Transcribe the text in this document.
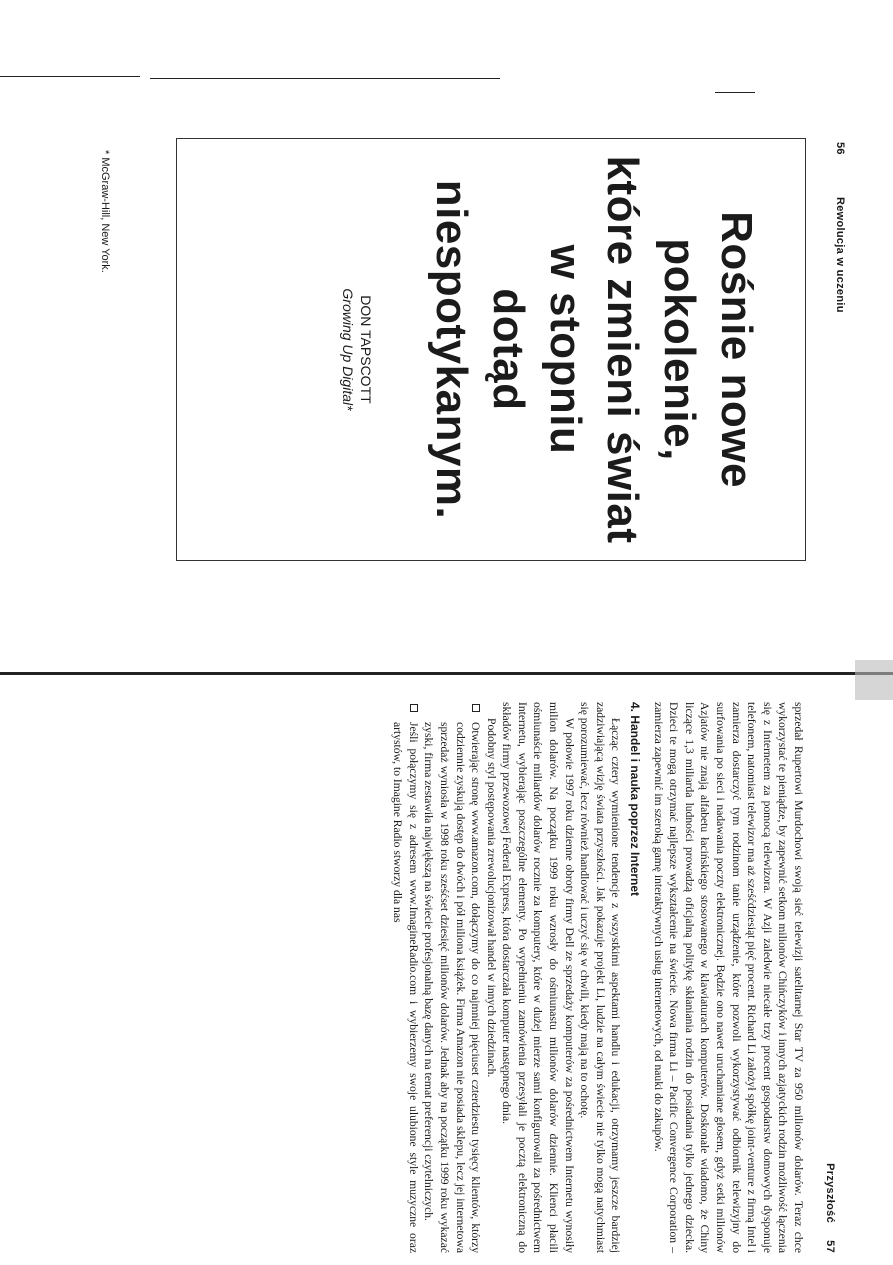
56
Rewolucja w uczeniu
Rośnie nowe
pokolenie,
które zmieni świat
w stopniu
dotąd
niespotykanym.
DON TAPSCOTT
Growing Up Digital*
* McGraw-Hill, New York.
Przyszłość
57

sprzedał Rupertowi Murdochowi swoją sieć telewizji satelitarnej Star TV za 950 milionów dolarów. Teraz chce wykorzystać te pieniądze, by zapewnić setkom milionów Chińczyków i innych azjatyckich rodzin możliwość łączenia się z Internetem za pomocą telewizora. W Azji zaledwie niecałe trzy procent gospodarstw domowych dysponuje telefonem, natomiast telewizor ma aż sześćdziesiąt pięć procent. Richard Li założył spółkę joint-venture z firmą Intel i zamierza dostarczyć tym rodzinom tanie urządzenie, które pozwoli wykorzystywać odbiornik telewizyjny do surfowania po sieci i nadawania poczty elektronicznej. Będzie ono nawet uruchamiane głosem, gdyż setki milionów Azjatów nie znają alfabetu łacińskiego stosowanego w klawiaturach komputerów. Doskonale wiadomo, że Chiny liczące 1,3 miliarda ludności prowadzą oficjalną politykę skłaniania rodzin do posiadania tylko jednego dziecka. Dzieci te mogą otrzymać najlepsze wykształcenie na świecie. Nowa firma Li – Pacific Convergence Corporation – zamierza zapewnić im szeroką gamę interaktywnych usług internetowych, od nauki do zakupów.

4. Handel i nauka poprzez Internet

Łącząc cztery wymienione tendencje z wszystkimi aspektami handlu i edukacji, otrzymamy jeszcze bardziej zadziwiającą wizję świata przyszłości. Jak pokazuje projekt Li, ludzie na całym świecie nie tylko mogą natychmiast się porozumiewać, lecz również handlować i uczyć się w chwili, kiedy mają na to ochotę.

W połowie 1997 roku dzienne obroty firmy Dell ze sprzedaży komputerów za pośrednictwem Internetu wynosiły milion dolarów. Na początku 1999 roku wzrosły do ośmiunastu milionów dolarów dziennie. Klienci płacili ośmiunaście miliardów dolarów rocznie za komputery, które w dużej mierze sami konfigurowali za pośrednictwem Internetu, wybierając poszczególne elementy. Po wypełnieniu zamówienia przesyłali je pocztą elektroniczną do składów firmy przewozowej Federal Express, która dostarczała komputer następnego dnia.

Podobny styl postępowania zrewolucjonizował handel w innych dziedzinach.

Otwierając stronę www.amazon.com, dołączymy do co najmniej pięciuset czterdziestu tysięcy klientów, którzy codziennie zyskują dostęp do dwóch i pół miliona książek. Firma Amazon nie posiada sklepu, lecz jej internetowa sprzedaż wyniosła w 1998 roku sześćset dziesięć milionów dolarów. Jednak aby na początku 1999 roku wykazać zyski, firma zestawiła największą na świecie profesjonalną bazę danych na temat preferencji czytelniczych.
Jeśli połączymy się z adresem www.ImagineRadio.com i wybierzemy swoje ulubione style muzyczne oraz artystów, to Imagine Radio stworzy dla nas
